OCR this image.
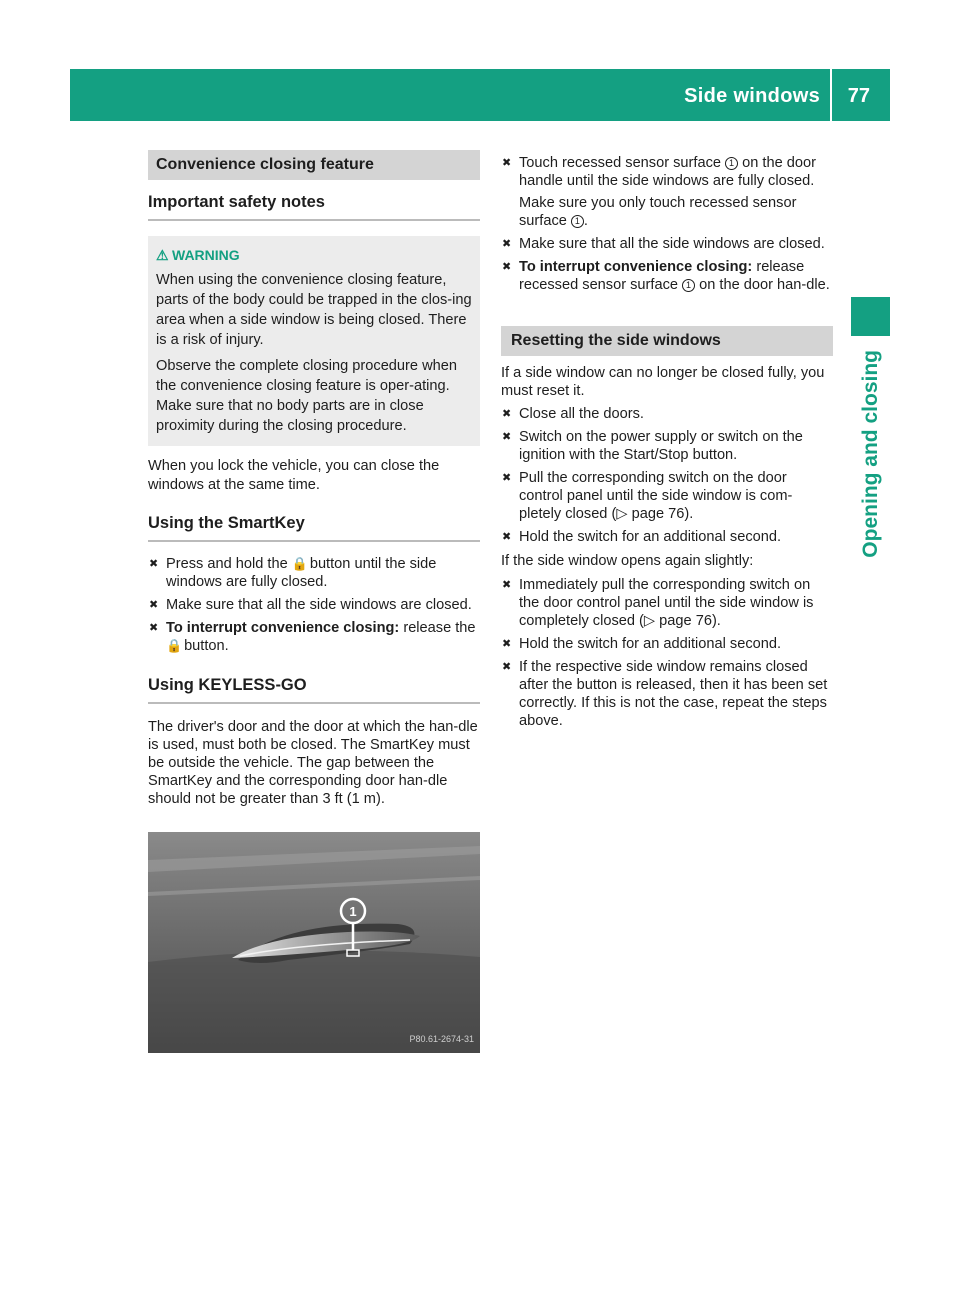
Side windows 77
Opening and closing
Convenience closing feature
Important safety notes
⚠ WARNING

When using the convenience closing feature, parts of the body could be trapped in the clos-ing area when a side window is being closed. There is a risk of injury.

Observe the complete closing procedure when the convenience closing feature is oper-ating. Make sure that no body parts are in close proximity during the closing procedure.

When you lock the vehicle, you can close the windows at the same time.
Using the SmartKey
✖ Press and hold the 🔒 button until the side windows are fully closed.
✖ Make sure that all the side windows are closed.
✖ To interrupt convenience closing: release the 🔒 button.
Using KEYLESS-GO
The driver's door and the door at which the han-dle is used, must both be closed. The SmartKey must be outside the vehicle. The gap between the SmartKey and the corresponding door han-dle should not be greater than 3 ft (1 m).
1
P80.61-2674-31
✖ Touch recessed sensor surface 1 on the door handle until the side windows are fully closed.
Make sure you only touch recessed sensor surface 1 .
✖ Make sure that all the side windows are closed.
✖ To interrupt convenience closing: release recessed sensor surface 1 on the door han-dle.
Resetting the side windows
If a side window can no longer be closed fully, you must reset it.
✖ Close all the doors.
✖ Switch on the power supply or switch on the ignition with the Start/Stop button.
✖ Pull the corresponding switch on the door control panel until the side window is com-pletely closed (▷ page 76).
✖ Hold the switch for an additional second.
If the side window opens again slightly:
✖ Immediately pull the corresponding switch on the door control panel until the side window is completely closed (▷ page 76).
✖ Hold the switch for an additional second.
✖ If the respective side window remains closed after the button is released, then it has been set correctly. If this is not the case, repeat the steps above.
